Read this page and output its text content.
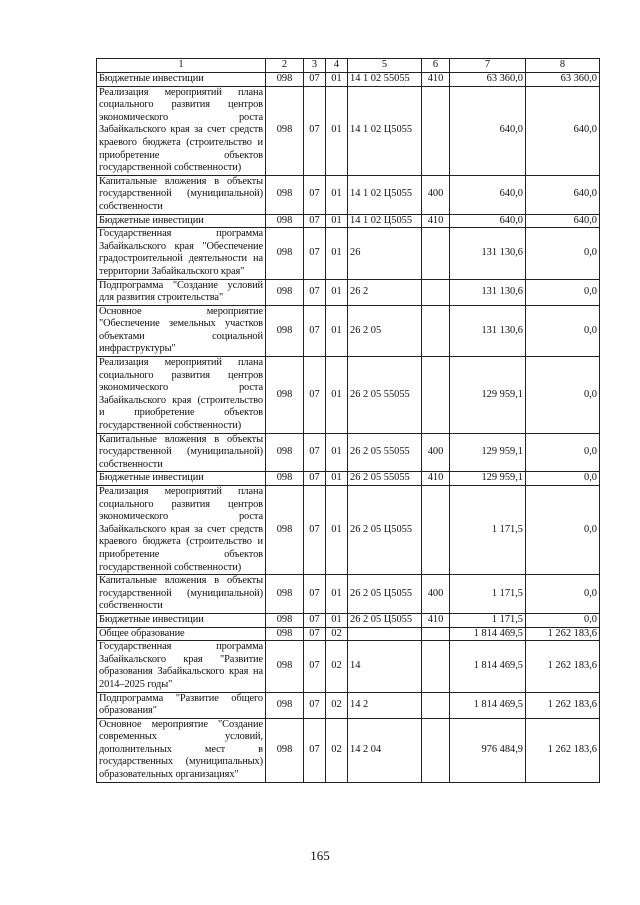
1	2	3	4	5	6	7	8
Бюджетные инвестиции	098	07	01	14 1 02 55055	410	63 360,0	63 360,0
Реализация мероприятий плана социального развития центров экономического роста Забайкальского края за счет средств краевого бюджета (строительство и приобретение объектов государственной собственности)	098	07	01	14 1 02 Ц5055		640,0	640,0
Капитальные вложения в объекты государственной (муниципальной) собственности	098	07	01	14 1 02 Ц5055	400	640,0	640,0
Бюджетные инвестиции	098	07	01	14 1 02 Ц5055	410	640,0	640,0
Государственная программа Забайкальского края "Обеспечение градостроительной деятельности на территории Забайкальского края"	098	07	01	26		131 130,6	0,0
Подпрограмма "Создание условий для развития строительства"	098	07	01	26 2		131 130,6	0,0
Основное мероприятие "Обеспечение земельных участков объектами социальной инфраструктуры"	098	07	01	26 2 05		131 130,6	0,0
Реализация мероприятий плана социального развития центров экономического роста Забайкальского края (строительство и приобретение объектов государственной собственности)	098	07	01	26 2 05 55055		129 959,1	0,0
Капитальные вложения в объекты государственной (муниципальной) собственности	098	07	01	26 2 05 55055	400	129 959,1	0,0
Бюджетные инвестиции	098	07	01	26 2 05 55055	410	129 959,1	0,0
Реализация мероприятий плана социального развития центров экономического роста Забайкальского края за счет средств краевого бюджета (строительство и приобретение объектов государственной собственности)	098	07	01	26 2 05 Ц5055		1 171,5	0,0
Капитальные вложения в объекты государственной (муниципальной) собственности	098	07	01	26 2 05 Ц5055	400	1 171,5	0,0
Бюджетные инвестиции	098	07	01	26 2 05 Ц5055	410	1 171,5	0,0
Общее образование	098	07	02			1 814 469,5	1 262 183,6
Государственная программа Забайкальского края "Развитие образования Забайкальского края на 2014–2025 годы"	098	07	02	14		1 814 469,5	1 262 183,6
Подпрограмма "Развитие общего образования"	098	07	02	14 2		1 814 469,5	1 262 183,6
Основное мероприятие "Создание современных условий, дополнительных мест в государственных (муниципальных) образовательных организациях"	098	07	02	14 2 04		976 484,9	1 262 183,6
165
